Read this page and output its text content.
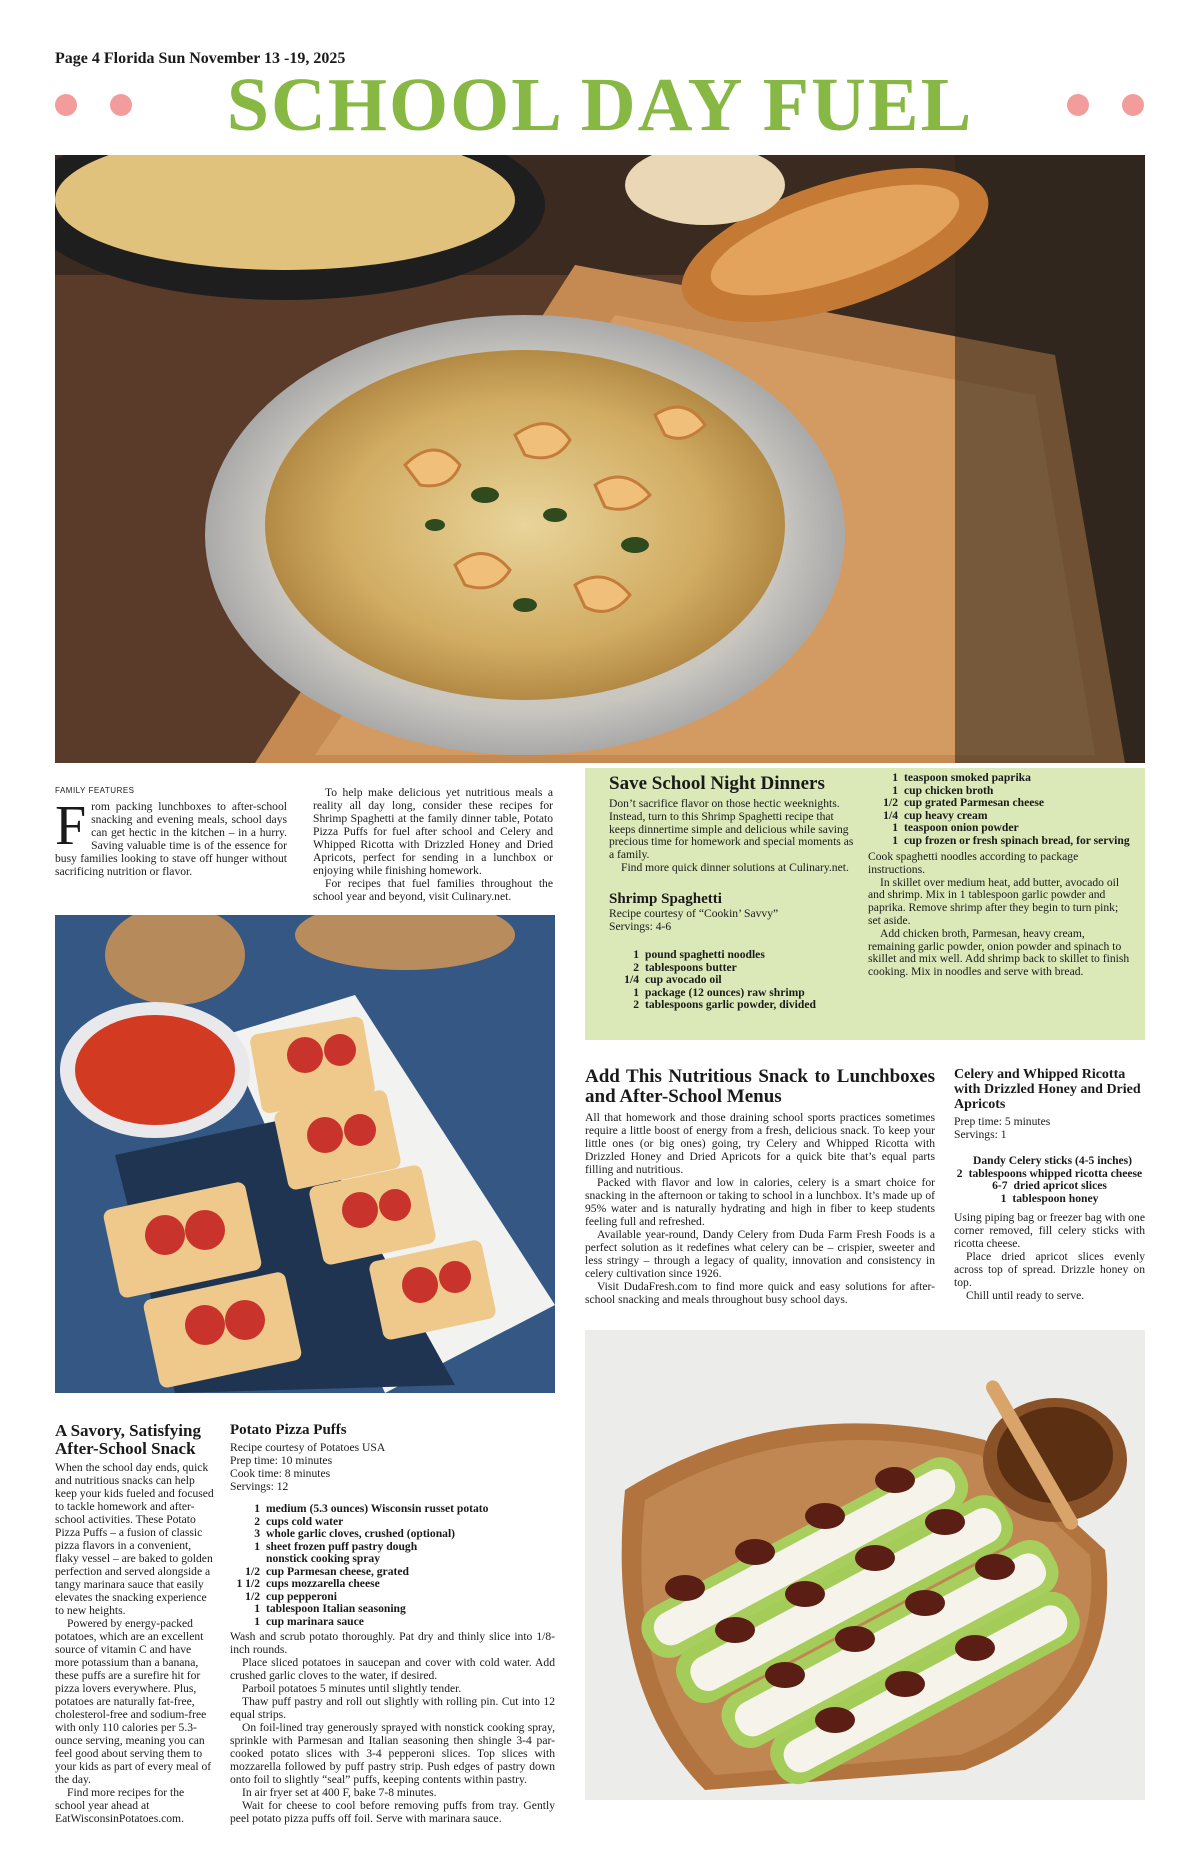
Page 4 Florida Sun November 13 -19, 2025
SCHOOL DAY FUEL
FAMILY FEATURES
F rom packing lunchboxes to after-school snacking and evening meals, school days can get hectic in the kitchen – in a hurry. Saving valuable time is of the essence for busy families looking to stave off hunger without sacrificing nutrition or flavor.

To help make delicious yet nutritious meals a reality all day long, consider these recipes for Shrimp Spaghetti at the family dinner table, Potato Pizza Puffs for fuel after school and Celery and Whipped Ricotta with Drizzled Honey and Dried Apricots, perfect for sending in a lunchbox or enjoying while finishing homework.

For recipes that fuel families throughout the school year and beyond, visit Culinary.net.

Save School Night Dinners

Don’t sacrifice flavor on those hectic weeknights. Instead, turn to this Shrimp Spaghetti recipe that keeps dinnertime simple and delicious while saving precious time for homework and special moments as a family.

Find more quick dinner solutions at Culinary.net.

Shrimp Spaghetti

Recipe courtesy of “Cookin’ Savvy”

Servings: 4-6

1 pound spaghetti noodles
2 tablespoons butter
1/4 cup avocado oil
1 package (12 ounces) raw shrimp
2 tablespoons garlic powder, divided
1 teaspoon smoked paprika
1 cup chicken broth
1/2 cup grated Parmesan cheese
1/4 cup heavy cream
1 teaspoon onion powder
1 cup frozen or fresh spinach bread, for serving

Cook spaghetti noodles according to package instructions.

In skillet over medium heat, add butter, avocado oil and shrimp. Mix in 1 tablespoon garlic powder and paprika. Remove shrimp after they begin to turn pink; set aside.

Add chicken broth, Parmesan, heavy cream, remaining garlic powder, onion powder and spinach to skillet and mix well. Add shrimp back to skillet to finish cooking. Mix in noodles and serve with bread.

Add This Nutritious Snack to Lunchboxes and After-School Menus

All that homework and those draining school sports practices sometimes require a little boost of energy from a fresh, delicious snack. To keep your little ones (or big ones) going, try Celery and Whipped Ricotta with Drizzled Honey and Dried Apricots for a quick bite that’s equal parts filling and nutritious.

Packed with flavor and low in calories, celery is a smart choice for snacking in the afternoon or taking to school in a lunchbox. It’s made up of 95% water and is naturally hydrating and high in fiber to keep students feeling full and refreshed.

Available year-round, Dandy Celery from Duda Farm Fresh Foods is a perfect solution as it redefines what celery can be – crispier, sweeter and less stringy – through a legacy of quality, innovation and consistency in celery cultivation since 1926.

Visit DudaFresh.com to find more quick and easy solutions for after-school snacking and meals throughout busy school days.

Celery and Whipped Ricotta with Drizzled Honey and Dried Apricots

Prep time: 5 minutes

Servings: 1

Dandy Celery sticks (4-5 inches)
2 tablespoons whipped ricotta cheese
6-7 dried apricot slices
1 tablespoon honey

Using piping bag or freezer bag with one corner removed, fill celery sticks with ricotta cheese.

Place dried apricot slices evenly across top of spread. Drizzle honey on top.

Chill until ready to serve.

A Savory, Satisfying After-School Snack

When the school day ends, quick and nutritious snacks can help keep your kids fueled and focused to tackle homework and after-school activities. These Potato Pizza Puffs – a fusion of classic pizza flavors in a convenient, flaky vessel – are baked to golden perfection and served alongside a tangy marinara sauce that easily elevates the snacking experience to new heights.

Powered by energy-packed potatoes, which are an excellent source of vitamin C and have more potassium than a banana, these puffs are a surefire hit for pizza lovers everywhere. Plus, potatoes are naturally fat-free, cholesterol-free and sodium-free with only 110 calories per 5.3-ounce serving, meaning you can feel good about serving them to your kids as part of every meal of the day.

Find more recipes for the school year ahead at EatWisconsinPotatoes.com.

Potato Pizza Puffs

Recipe courtesy of Potatoes USA

Prep time: 10 minutes

Cook time: 8 minutes

Servings: 12

1 medium (5.3 ounces) Wisconsin russet potato
2 cups cold water
3 whole garlic cloves, crushed (optional)
1 sheet frozen puff pastry dough
nonstick cooking spray
1/2 cup Parmesan cheese, grated
1 1/2 cups mozzarella cheese
1/2 cup pepperoni
1 tablespoon Italian seasoning
1 cup marinara sauce

Wash and scrub potato thoroughly. Pat dry and thinly slice into 1/8-inch rounds.

Place sliced potatoes in saucepan and cover with cold water. Add crushed garlic cloves to the water, if desired.

Parboil potatoes 5 minutes until slightly tender.

Thaw puff pastry and roll out slightly with rolling pin. Cut into 12 equal strips.

On foil-lined tray generously sprayed with nonstick cooking spray, sprinkle with Parmesan and Italian seasoning then shingle 3-4 par-cooked potato slices with 3-4 pepperoni slices. Top slices with mozzarella followed by puff pastry strip. Push edges of pastry down onto foil to slightly “seal” puffs, keeping contents within pastry.

In air fryer set at 400 F, bake 7-8 minutes.

Wait for cheese to cool before removing puffs from tray. Gently peel potato pizza puffs off foil. Serve with marinara sauce.
